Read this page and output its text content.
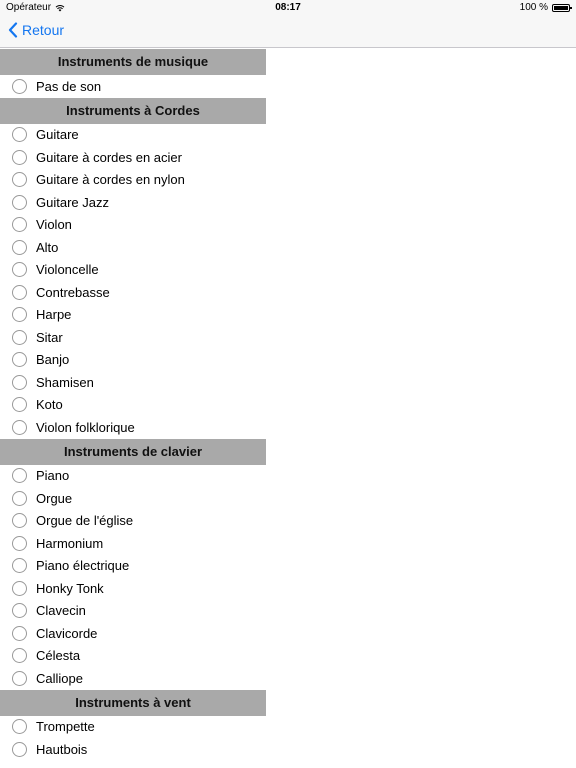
Opérateur	08:17	100 %
Retour
Instruments de musique
Pas de son
Instruments à Cordes
Guitare
Guitare à cordes en acier
Guitare à cordes en nylon
Guitare Jazz
Violon
Alto
Violoncelle
Contrebasse
Harpe
Sitar
Banjo
Shamisen
Koto
Violon folklorique
Instruments de clavier
Piano
Orgue
Orgue de l'église
Harmonium
Piano électrique
Honky Tonk
Clavecin
Clavicorde
Célesta
Calliope
Instruments à vent
Trompette
Hautbois
